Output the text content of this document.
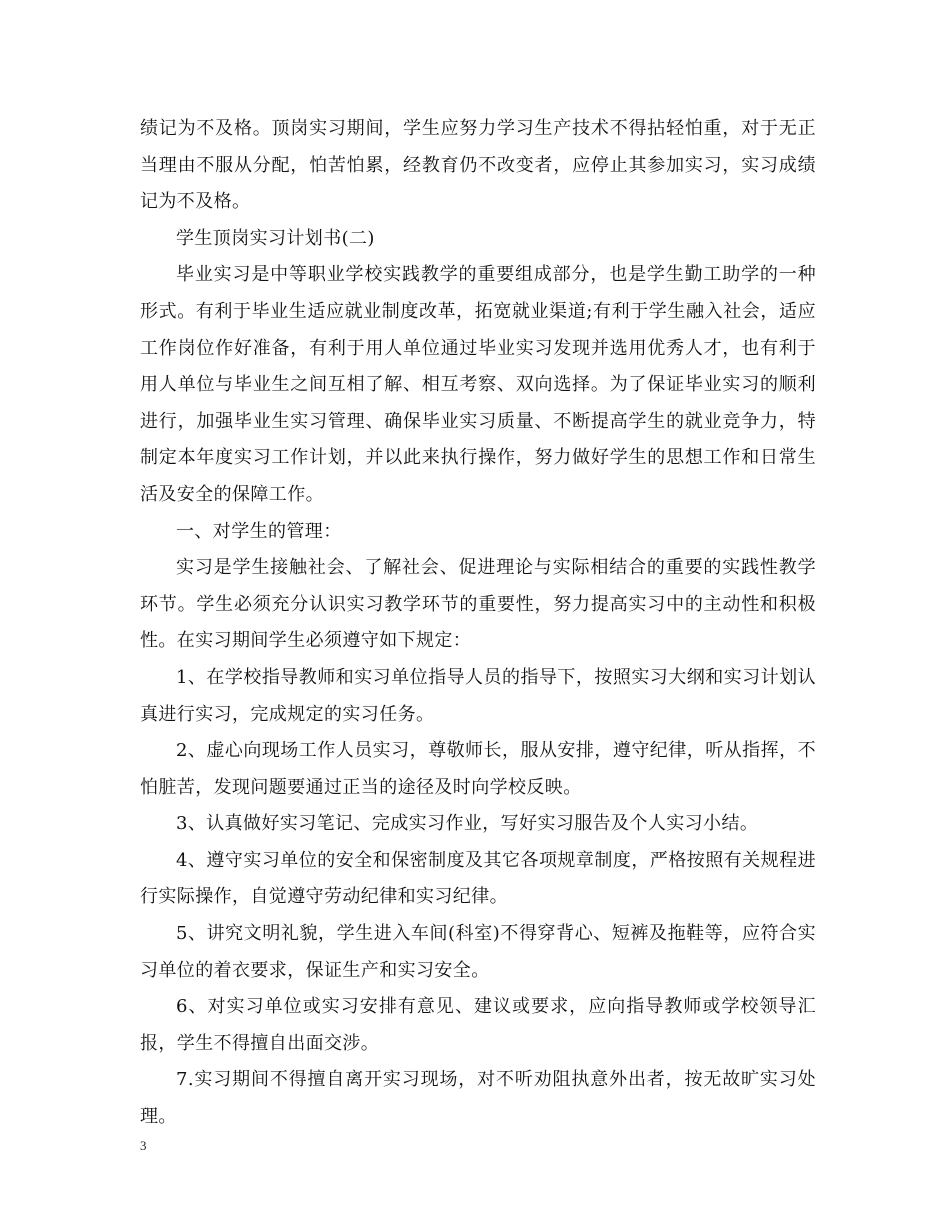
绩记为不及格。顶岗实习期间，学生应努力学习生产技术不得拈轻怕重，对于无正当理由不服从分配，怕苦怕累，经教育仍不改变者，应停止其参加实习，实习成绩记为不及格。

学生顶岗实习计划书(二)

毕业实习是中等职业学校实践教学的重要组成部分，也是学生勤工助学的一种形式。有利于毕业生适应就业制度改革，拓宽就业渠道;有利于学生融入社会，适应工作岗位作好准备，有利于用人单位通过毕业实习发现并选用优秀人才，也有利于用人单位与毕业生之间互相了解、相互考察、双向选择。为了保证毕业实习的顺利进行，加强毕业生实习管理、确保毕业实习质量、不断提高学生的就业竞争力，特制定本年度实习工作计划，并以此来执行操作，努力做好学生的思想工作和日常生活及安全的保障工作。

一、对学生的管理：

实习是学生接触社会、了解社会、促进理论与实际相结合的重要的实践性教学环节。学生必须充分认识实习教学环节的重要性，努力提高实习中的主动性和积极性。在实习期间学生必须遵守如下规定：

1、在学校指导教师和实习单位指导人员的指导下，按照实习大纲和实习计划认真进行实习，完成规定的实习任务。

2、虚心向现场工作人员实习，尊敬师长，服从安排，遵守纪律，听从指挥，不怕脏苦，发现问题要通过正当的途径及时向学校反映。

3、认真做好实习笔记、完成实习作业，写好实习服告及个人实习小结。

4、遵守实习单位的安全和保密制度及其它各项规章制度，严格按照有关规程进行实际操作，自觉遵守劳动纪律和实习纪律。

5、讲究文明礼貌，学生进入车间(科室)不得穿背心、短裤及拖鞋等，应符合实习单位的着衣要求，保证生产和实习安全。

6、对实习单位或实习安排有意见、建议或要求，应向指导教师或学校领导汇报，学生不得擅自出面交涉。

7.实习期间不得擅自离开实习现场，对不听劝阻执意外出者，按无故旷实习处理。

3
